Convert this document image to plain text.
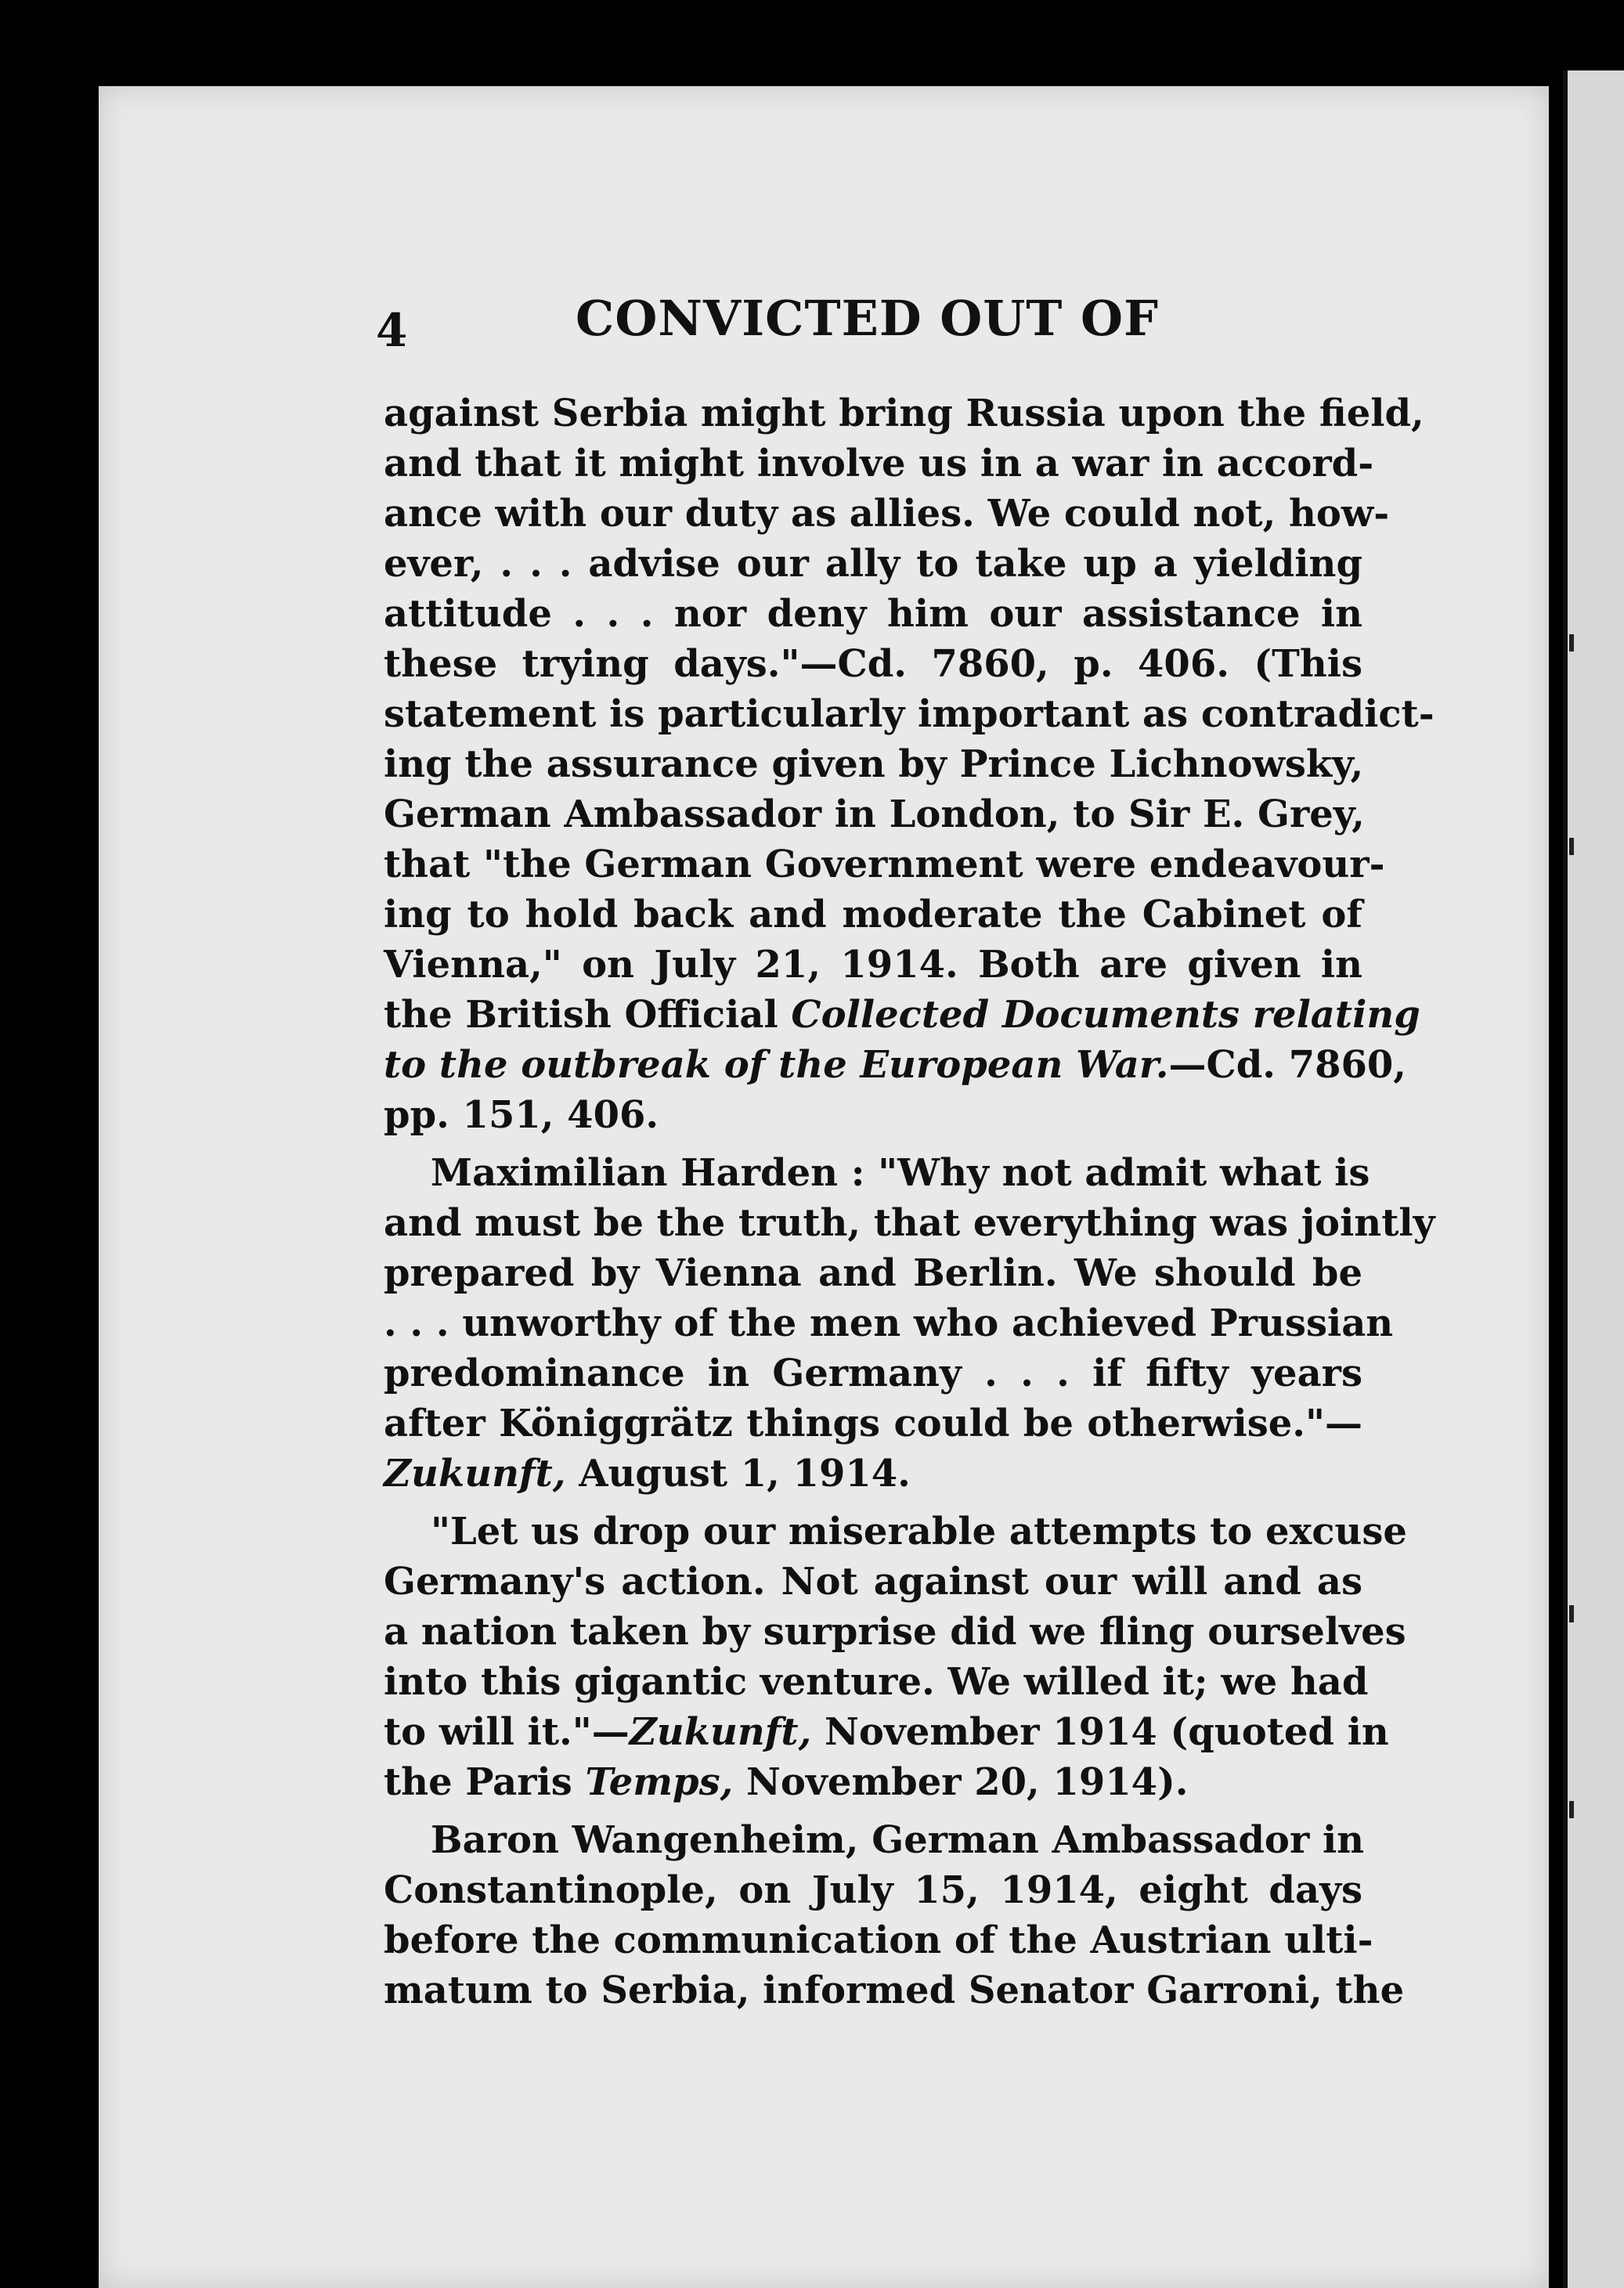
4	CONVICTED OUT OF
against Serbia might bring Russia upon the field,
and that it might involve us in a war in accord-
ance with our duty as allies. We could not, how-
ever, . . . advise our ally to take up a yielding
attitude . . . nor deny him our assistance in
these trying days."—Cd. 7860, p. 406. (This
statement is particularly important as contradict-
ing the assurance given by Prince Lichnowsky,
German Ambassador in London, to Sir E. Grey,
that "the German Government were endeavour-
ing to hold back and moderate the Cabinet of
Vienna," on July 21, 1914. Both are given in
the British Official Collected Documents relating
to the outbreak of the European War.—Cd. 7860,
pp. 151, 406.
Maximilian Harden : "Why not admit what is
and must be the truth, that everything was jointly
prepared by Vienna and Berlin. We should be
. . . unworthy of the men who achieved Prussian
predominance in Germany . . . if fifty years
after Königgrätz things could be otherwise."—
Zukunft, August 1, 1914.
"Let us drop our miserable attempts to excuse
Germany's action. Not against our will and as
a nation taken by surprise did we fling ourselves
into this gigantic venture. We willed it; we had
to will it."—Zukunft, November 1914 (quoted in
the Paris Temps, November 20, 1914).
Baron Wangenheim, German Ambassador in
Constantinople, on July 15, 1914, eight days
before the communication of the Austrian ulti-
matum to Serbia, informed Senator Garroni, the
